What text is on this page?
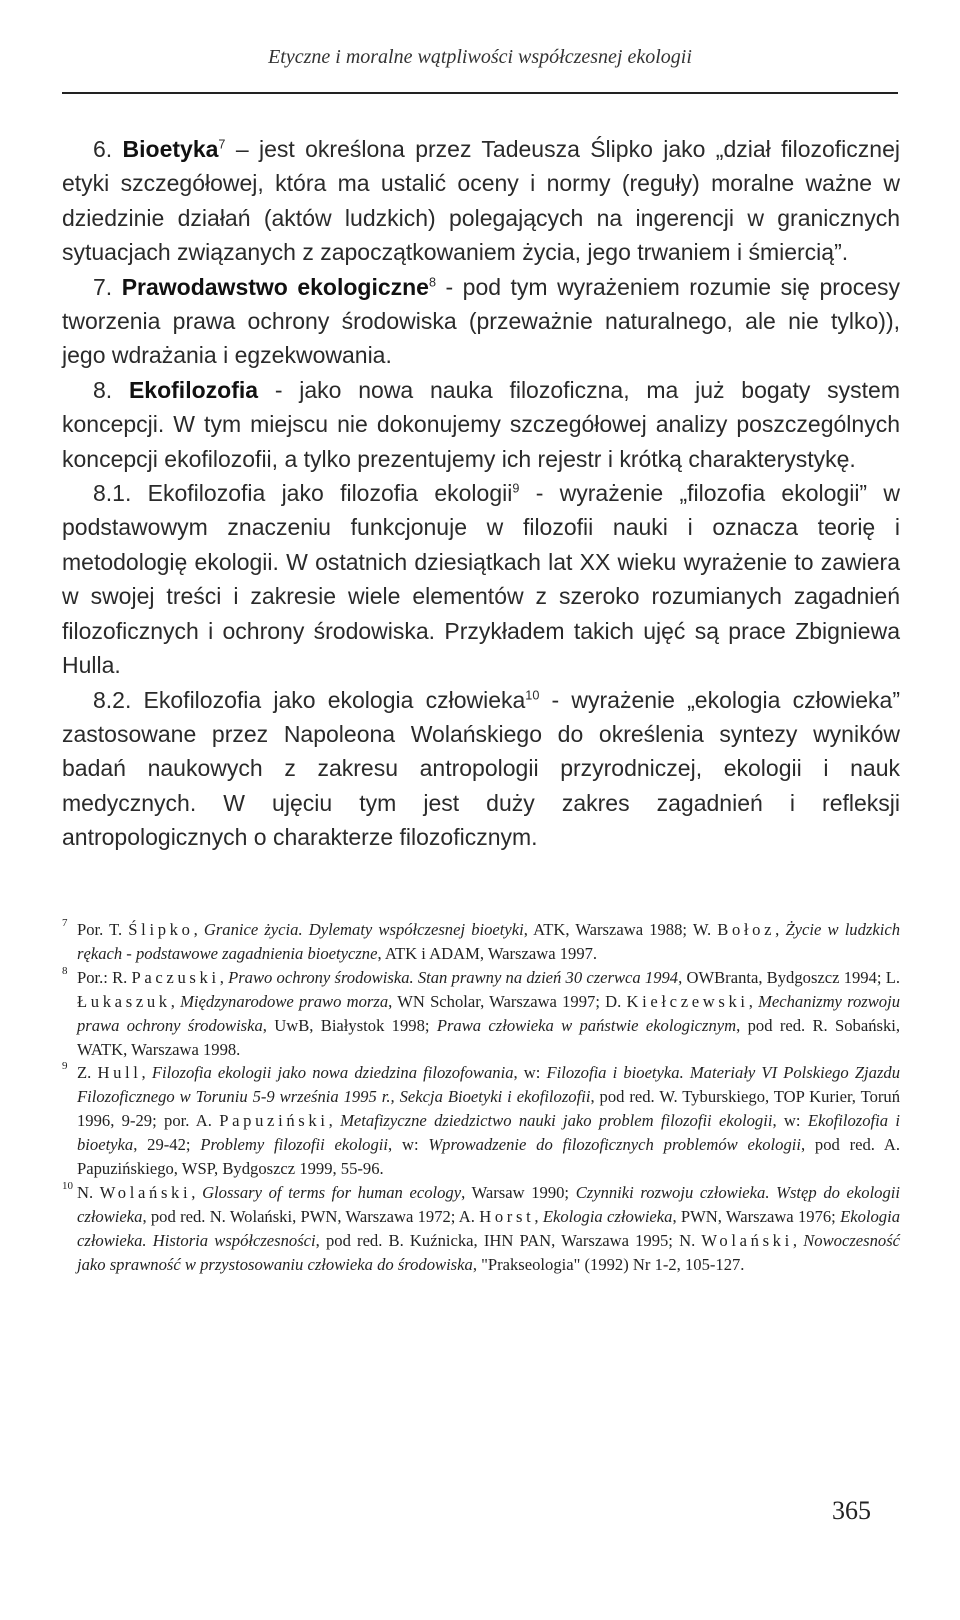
Etyczne i moralne wątpliwości współczesnej ekologii

6. Bioetyka$^7$ – jest określona przez Tadeusza Ślipko jako „dział filozoficznej etyki szczegółowej, która ma ustalić oceny i normy (reguły) moralne ważne w dziedzinie działań (aktów ludzkich) polegających na ingerencji w granicznych sytuacjach związanych z zapoczątkowaniem życia, jego trwaniem i śmiercią”.

7. Prawodawstwo ekologiczne$^8$ - pod tym wyrażeniem rozumie się procesy tworzenia prawa ochrony środowiska (przeważnie naturalnego, ale nie tylko)), jego wdrażania i egzekwowania.

8. Ekofilozofia - jako nowa nauka filozoficzna, ma już bogaty system koncepcji. W tym miejscu nie dokonujemy szczegółowej analizy poszczególnych koncepcji ekofilozofii, a tylko prezentujemy ich rejestr i krótką charakterystykę.

8.1. Ekofilozofia jako filozofia ekologii$^9$ - wyrażenie „filozofia ekologii” w podstawowym znaczeniu funkcjonuje w filozofii nauki i oznacza teorię i metodologię ekologii. W ostatnich dziesiątkach lat XX wieku wyrażenie to zawiera w swojej treści i zakresie wiele elementów z szeroko rozumianych zagadnień filozoficznych i ochrony środowiska. Przykładem takich ujęć są prace Zbigniewa Hulla.

8.2. Ekofilozofia jako ekologia człowieka$^{10}$ - wyrażenie „ekologia człowieka” zastosowane przez Napoleona Wolańskiego do określenia syntezy wyników badań naukowych z zakresu antropologii przyrodniczej, ekologii i nauk medycznych. W ujęciu tym jest duży zakres zagadnień i refleksji antropologicznych o charakterze filozoficznym.

7 Por. T. Ślipko, Granice życia. Dylematy współczesnej bioetyki, ATK, Warszawa 1988; W. Bołoz, Życie w ludzkich rękach - podstawowe zagadnienia bioetyczne, ATK i ADAM, Warszawa 1997.
8 Por.: R. Paczuski, Prawo ochrony środowiska. Stan prawny na dzień 30 czerwca 1994, OWBranta, Bydgoszcz 1994; L. Łukaszuk, Międzynarodowe prawo morza, WN Scholar, Warszawa 1997; D. Kiełczewski, Mechanizmy rozwoju prawa ochrony środowiska, UwB, Białystok 1998; Prawa człowieka w państwie ekologicznym, pod red. R. Sobański, WATK, Warszawa 1998.
9 Z. Hull, Filozofia ekologii jako nowa dziedzina filozofowania, w: Filozofia i bioetyka. Materiały VI Polskiego Zjazdu Filozoficznego w Toruniu 5-9 września 1995 r., Sekcja Bioetyki i ekofilozofii, pod red. W. Tyburskiego, TOP Kurier, Toruń 1996, 9-29; por. A. Papuziński, Metafizyczne dziedzictwo nauki jako problem filozofii ekologii, w: Ekofilozofia i bioetyka, 29-42; Problemy filozofii ekologii, w: Wprowadzenie do filozoficznych problemów ekologii, pod red. A. Papuzińskiego, WSP, Bydgoszcz 1999, 55-96.
10 N. Wolański, Glossary of terms for human ecology, Warsaw 1990; Czynniki rozwoju człowieka. Wstęp do ekologii człowieka, pod red. N. Wolański, PWN, Warszawa 1972; A. Horst, Ekologia człowieka, PWN, Warszawa 1976; Ekologia człowieka. Historia współczesności, pod red. B. Kuźnicka, IHN PAN, Warszawa 1995; N. Wolański, Nowoczesność jako sprawność w przystosowaniu człowieka do środowiska, "Prakseologia" (1992) Nr 1-2, 105-127.
365
